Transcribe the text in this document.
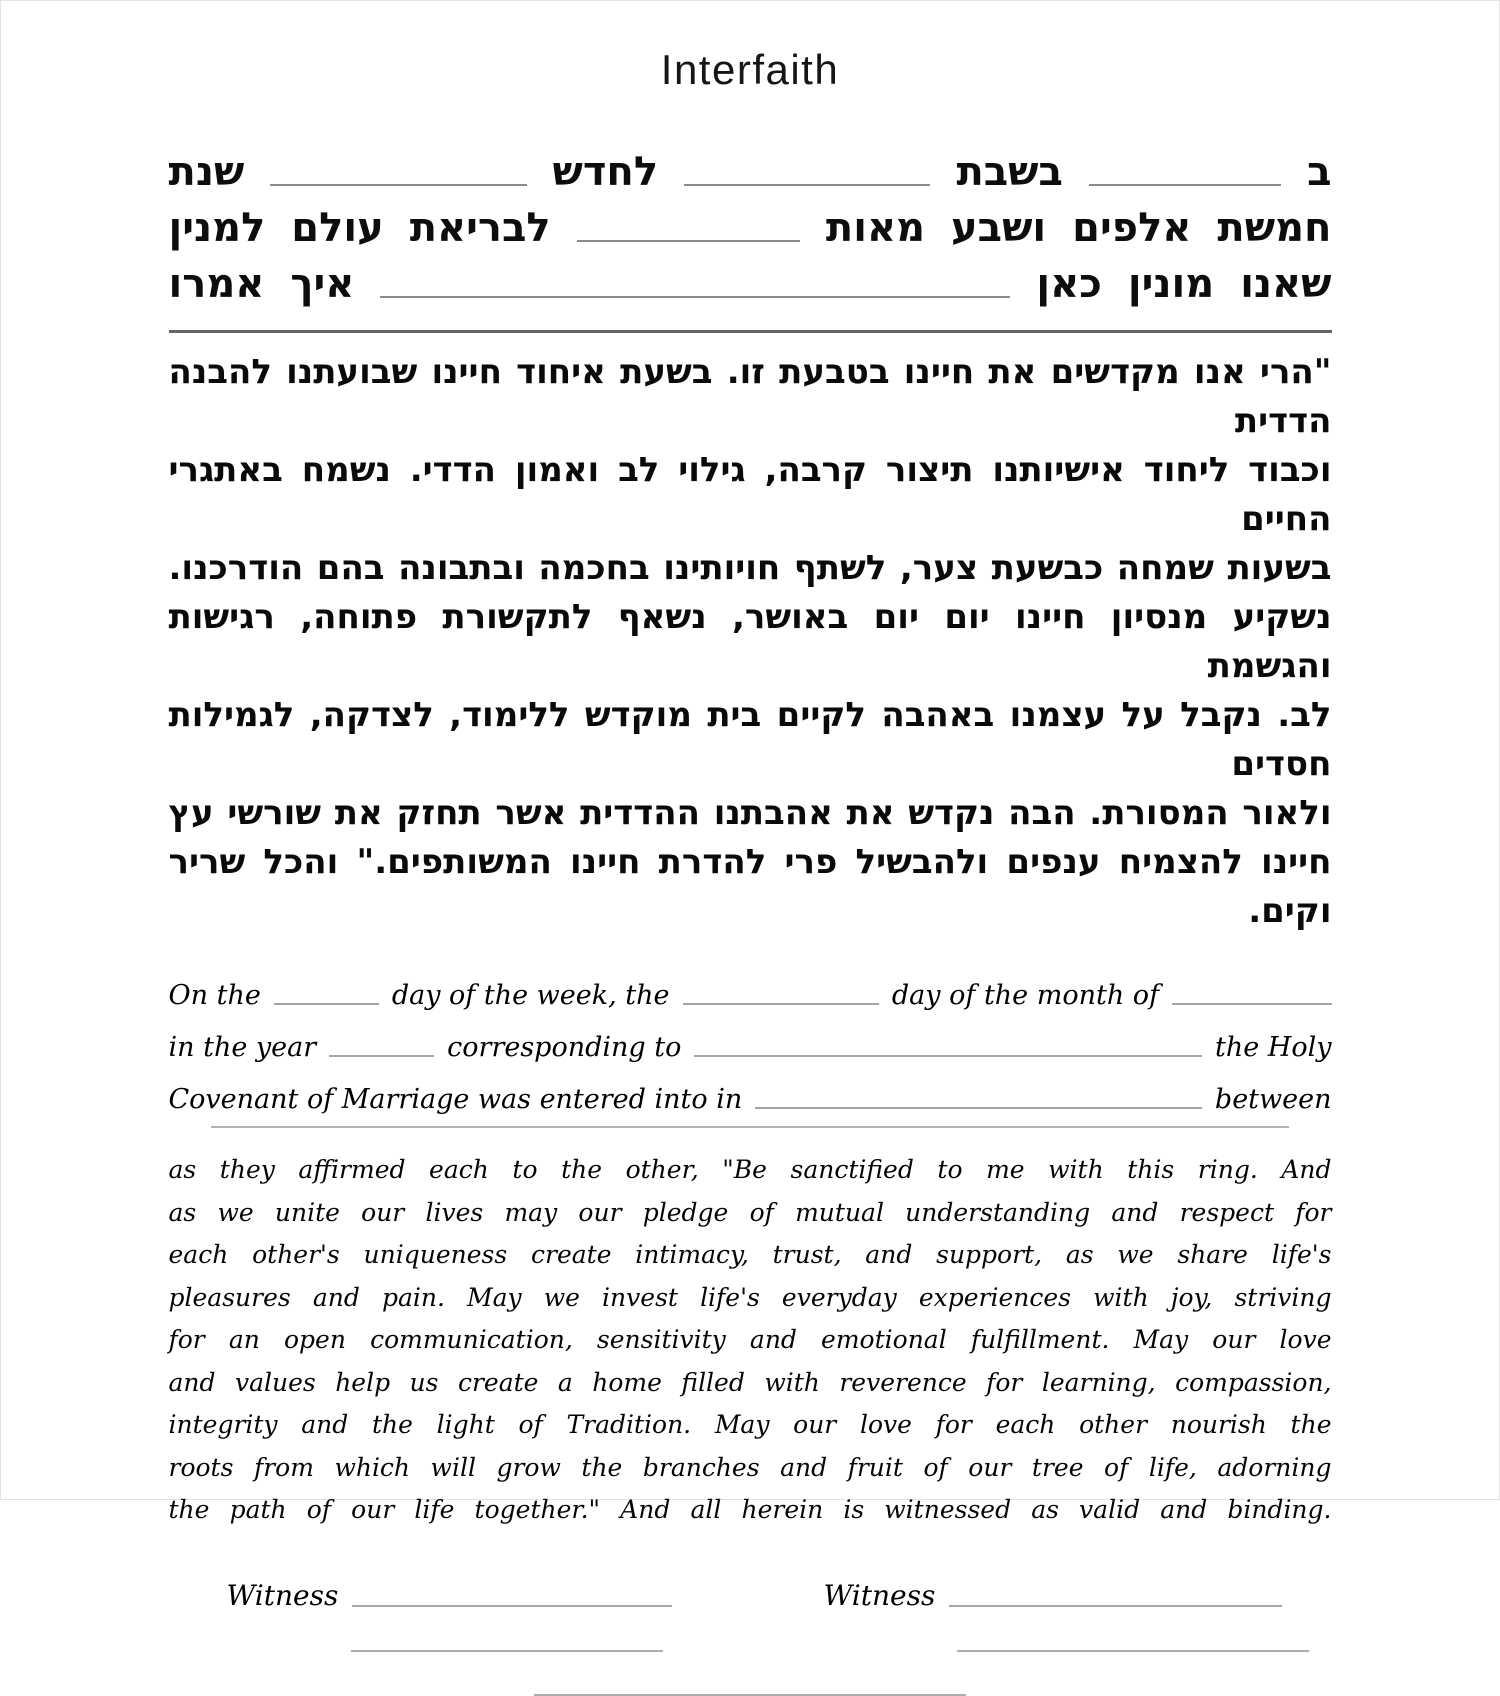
Interfaith
ב
בשבת
לחדש
שנת
חמשת
אלפים
ושבע
מאות
לבריאת
עולם
למנין
שאנו
מונין
כאן
איך
אמרו
"הרי אנו מקדשים את חיינו בטבעת זו. בשעת איחוד חיינו שבועתנו להבנה הדדית
וכבוד ליחוד אישיותנו תיצור קרבה, גילוי לב ואמון הדדי. נשמח באתגרי החיים
בשעות שמחה כבשעת צער, לשתף חויותינו בחכמה ובתבונה בהם הודרכנו.
נשקיע מנסיון חיינו יום יום באושר, נשאף לתקשורת פתוחה, רגישות והגשמת
לב. נקבל על עצמנו באהבה לקיים בית מוקדש ללימוד, לצדקה, לגמילות חסדים
ולאור המסורת. הבה נקדש את אהבתנו ההדדית אשר תחזק את שורשי עץ
חיינו להצמיח ענפים ולהבשיל פרי להדרת חיינו המשותפים." והכל שריר וקים.
On the	day of the week, the	day of the month of
in the year	corresponding to	the Holy
Covenant of Marriage was entered into in	between
as they affirmed each to the other, "Be sanctified to me with this ring. And
as we unite our lives may our pledge of mutual understanding and respect for
each other's uniqueness create intimacy, trust, and support, as we share life's
pleasures and pain. May we invest life's everyday experiences with joy, striving
for an open communication, sensitivity and emotional fulfillment. May our love
and values help us create a home filled with reverence for learning, compassion,
integrity and the light of Tradition. May our love for each other nourish the
roots from which will grow the branches and fruit of our tree of life, adorning
the path of our life together." And all herein is witnessed as valid and binding.
Witness	Witness
